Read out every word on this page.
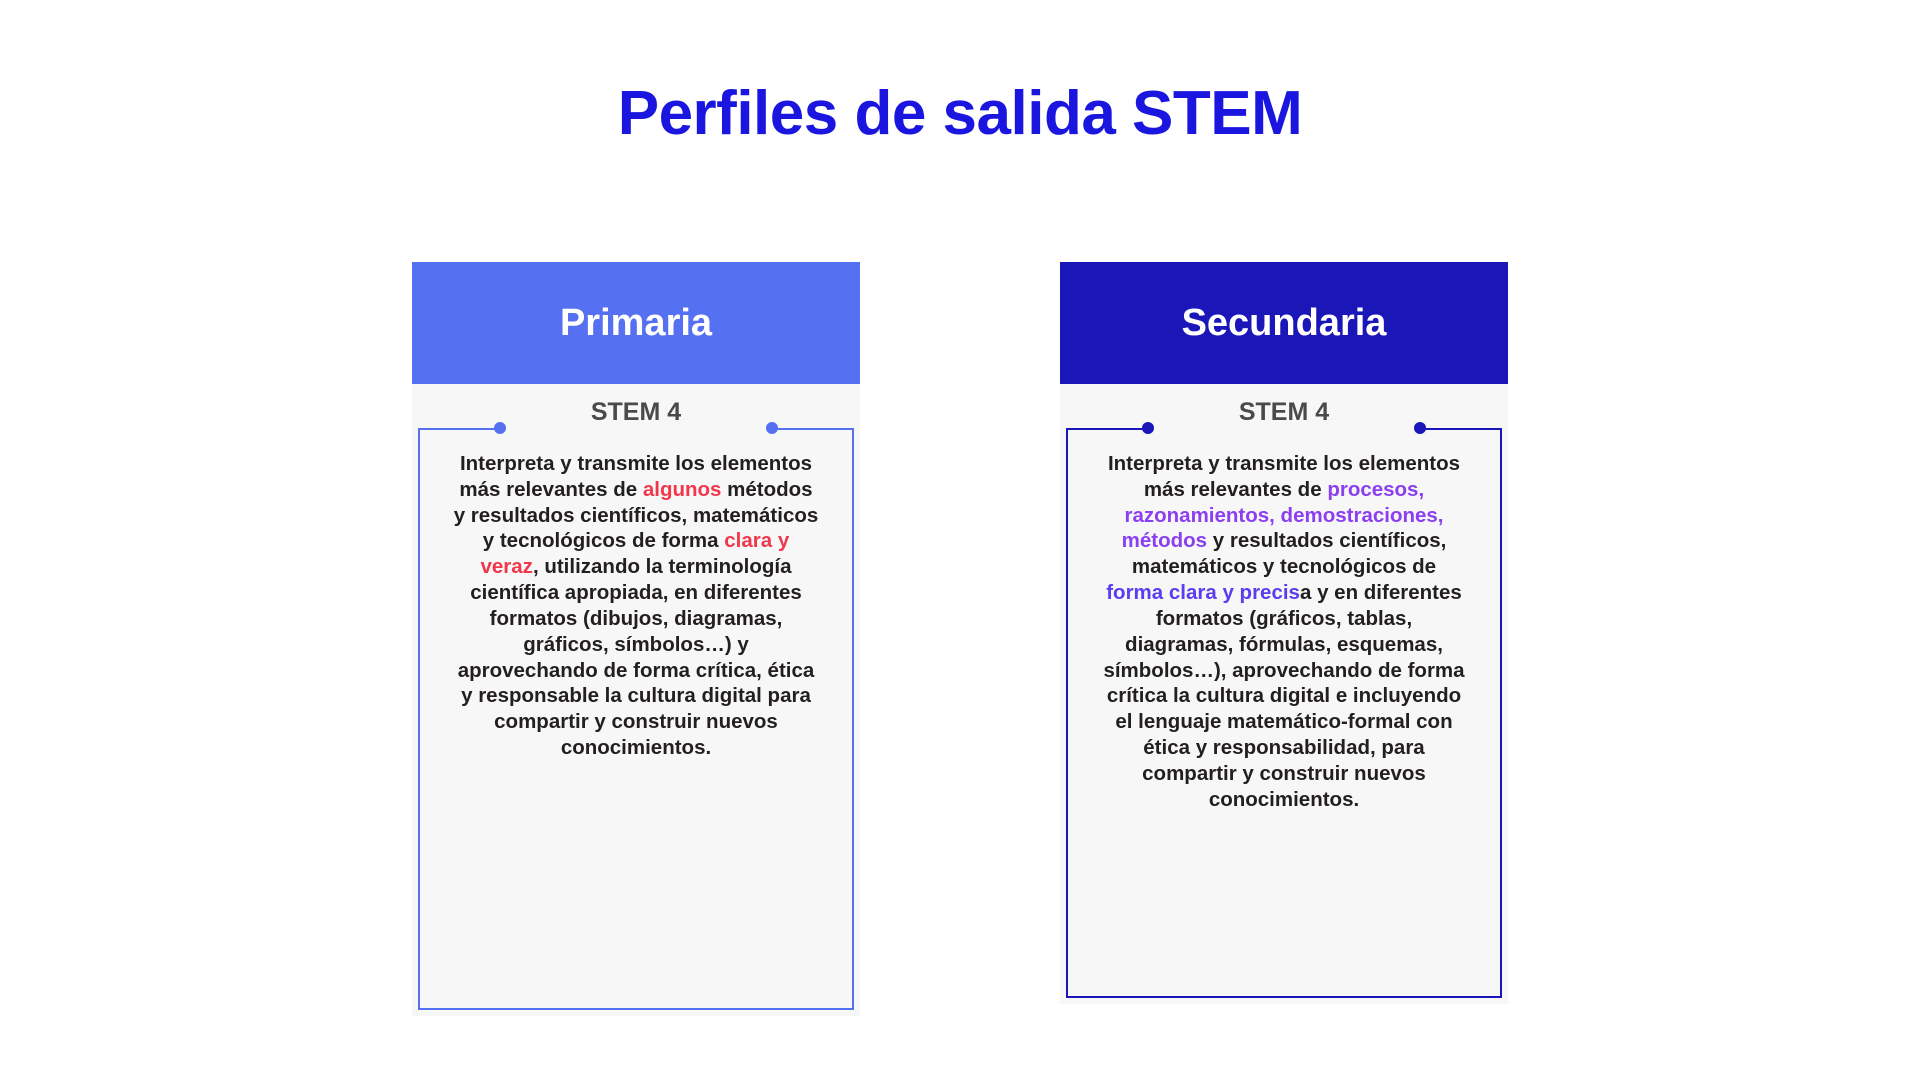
Perfiles de salida STEM
Primaria
STEM 4
Interpreta y transmite los elementos más relevantes de algunos métodos y resultados científicos, matemáticos y tecnológicos de forma clara y veraz, utilizando la terminología científica apropiada, en diferentes formatos (dibujos, diagramas, gráficos, símbolos…) y aprovechando de forma crítica, ética y responsable la cultura digital para compartir y construir nuevos conocimientos.
Secundaria
STEM 4
Interpreta y transmite los elementos más relevantes de procesos, razonamientos, demostraciones, métodos y resultados científicos, matemáticos y tecnológicos de forma clara y precisa y en diferentes formatos (gráficos, tablas, diagramas, fórmulas, esquemas, símbolos…), aprovechando de forma crítica la cultura digital e incluyendo el lenguaje matemático-formal con ética y responsabilidad, para compartir y construir nuevos conocimientos.
